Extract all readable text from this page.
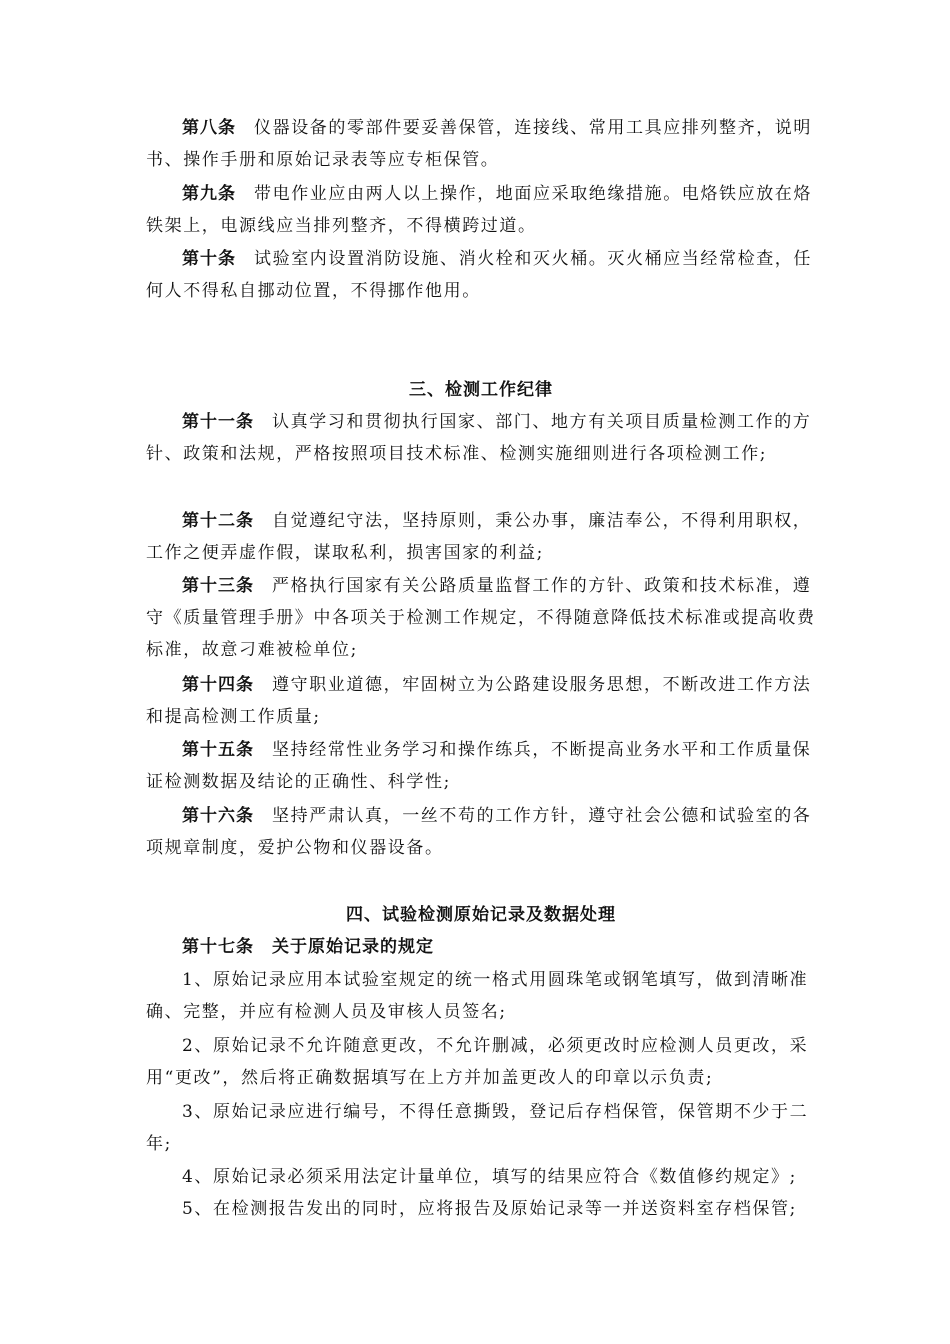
第八条 仪器设备的零部件要妥善保管，连接线、常用工具应排列整齐，说明书、操作手册和原始记录表等应专柜保管。

第九条 带电作业应由两人以上操作，地面应采取绝缘措施。电烙铁应放在烙铁架上，电源线应当排列整齐，不得横跨过道。

第十条 试验室内设置消防设施、消火栓和灭火桶。灭火桶应当经常检查，任何人不得私自挪动位置，不得挪作他用。

三、检测工作纪律

第十一条 认真学习和贯彻执行国家、部门、地方有关项目质量检测工作的方针、政策和法规，严格按照项目技术标准、检测实施细则进行各项检测工作;

第十二条 自觉遵纪守法，坚持原则，秉公办事，廉洁奉公，不得利用职权，工作之便弄虚作假，谋取私利，损害国家的利益;

第十三条 严格执行国家有关公路质量监督工作的方针、政策和技术标准，遵守《质量管理手册》中各项关于检测工作规定，不得随意降低技术标准或提高收费标准，故意刁难被检单位;

第十四条 遵守职业道德，牢固树立为公路建设服务思想，不断改进工作方法和提高检测工作质量;

第十五条 坚持经常性业务学习和操作练兵，不断提高业务水平和工作质量保证检测数据及结论的正确性、科学性;

第十六条 坚持严肃认真，一丝不苟的工作方针，遵守社会公德和试验室的各项规章制度，爱护公物和仪器设备。

四、试验检测原始记录及数据处理

第十七条 关于原始记录的规定

1、原始记录应用本试验室规定的统一格式用圆珠笔或钢笔填写，做到清晰准确、完整，并应有检测人员及审核人员签名;

2、原始记录不允许随意更改，不允许删减，必须更改时应检测人员更改，采用“更改”，然后将正确数据填写在上方并加盖更改人的印章以示负责;

3、原始记录应进行编号，不得任意撕毁，登记后存档保管，保管期不少于二年;

4、原始记录必须采用法定计量单位，填写的结果应符合《数值修约规定》;

5、在检测报告发出的同时，应将报告及原始记录等一并送资料室存档保管;
